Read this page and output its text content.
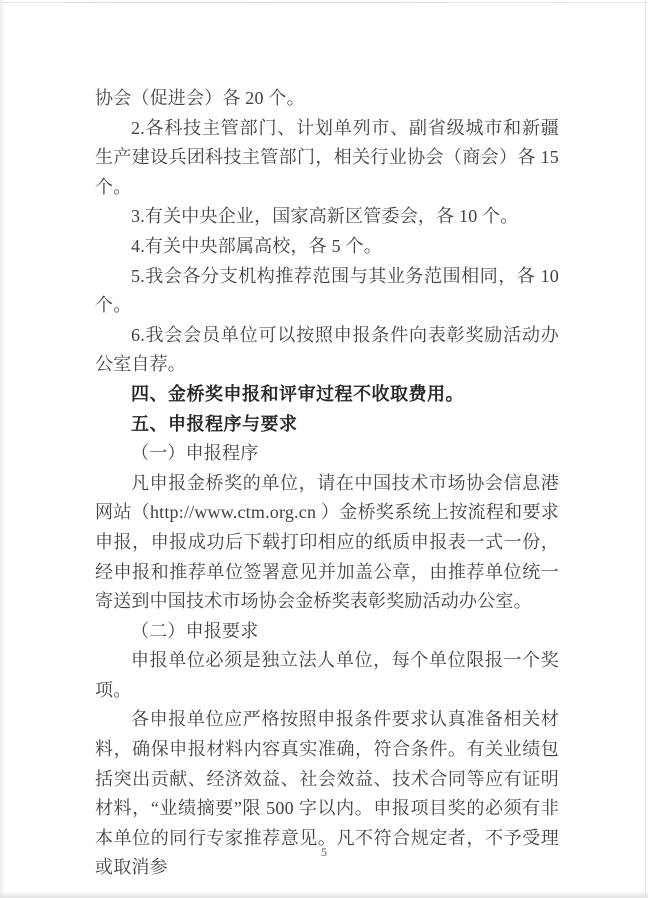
协会（促进会）各 20 个。

2.各科技主管部门、计划单列市、副省级城市和新疆生产建设兵团科技主管部门，相关行业协会（商会）各 15 个。

3.有关中央企业，国家高新区管委会，各 10 个。

4.有关中央部属高校，各 5 个。

5.我会各分支机构推荐范围与其业务范围相同，各 10 个。

6.我会会员单位可以按照申报条件向表彰奖励活动办公室自荐。

四、金桥奖申报和评审过程不收取费用。

五、申报程序与要求

（一）申报程序

凡申报金桥奖的单位，请在中国技术市场协会信息港网站（http://www.ctm.org.cn ）金桥奖系统上按流程和要求申报，申报成功后下载打印相应的纸质申报表一式一份，经申报和推荐单位签署意见并加盖公章，由推荐单位统一寄送到中国技术市场协会金桥奖表彰奖励活动办公室。

（二）申报要求

申报单位必须是独立法人单位，每个单位限报一个奖项。

各申报单位应严格按照申报条件要求认真准备相关材料，确保申报材料内容真实准确，符合条件。有关业绩包括突出贡献、经济效益、社会效益、技术合同等应有证明材料，“业绩摘要”限 500 字以内。申报项目奖的必须有非本单位的同行专家推荐意见。凡不符合规定者，不予受理或取消参

5
